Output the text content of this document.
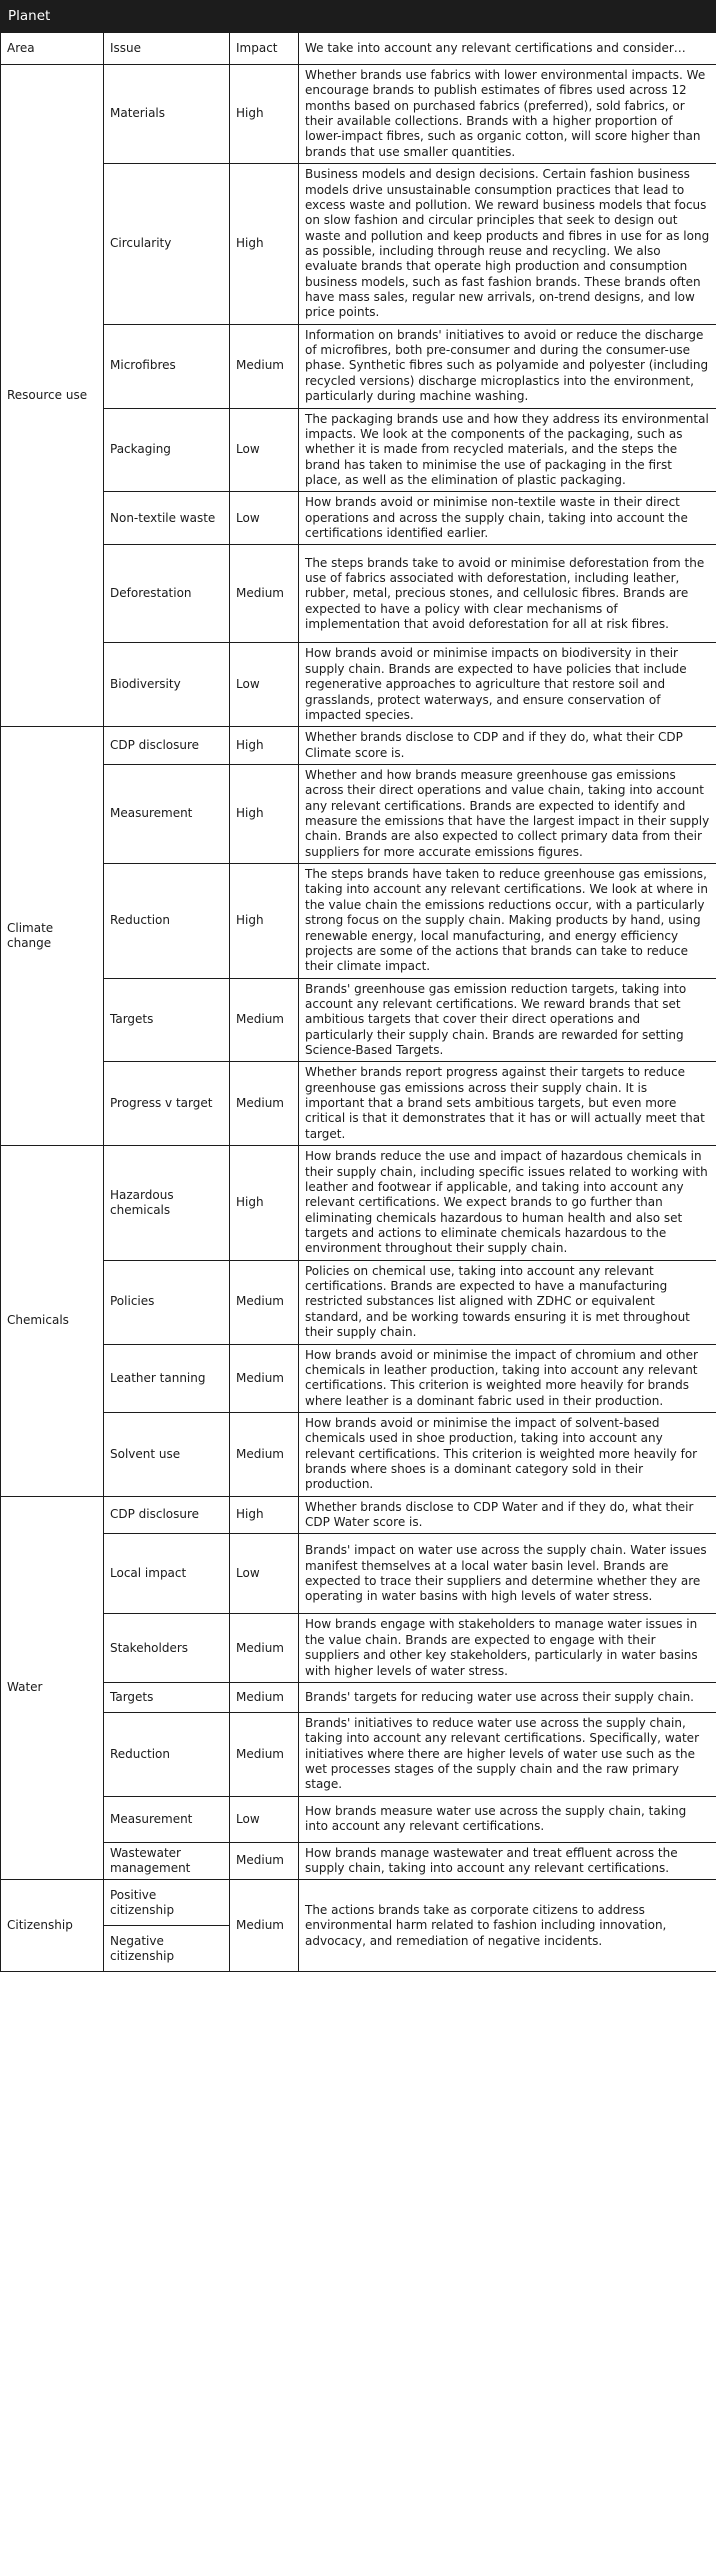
Planet
Area	Issue	Impact	We take into account any relevant certifications and consider…
Resource use	Materials	High	Whether brands use fabrics with lower environmental impacts. We encourage brands to publish estimates of fibres used across 12 months based on purchased fabrics (preferred), sold fabrics, or their available collections. Brands with a higher proportion of lower-impact fibres, such as organic cotton, will score higher than brands that use smaller quantities.
	Circularity	High	Business models and design decisions. Certain fashion business models drive unsustainable consumption practices that lead to excess waste and pollution. We reward business models that focus on slow fashion and circular principles that seek to design out waste and pollution and keep products and fibres in use for as long as possible, including through reuse and recycling. We also evaluate brands that operate high production and consumption business models, such as fast fashion brands. These brands often have mass sales, regular new arrivals, on-trend designs, and low price points.
	Microfibres	Medium	Information on brands' initiatives to avoid or reduce the discharge of microfibres, both pre-consumer and during the consumer-use phase. Synthetic fibres such as polyamide and polyester (including recycled versions) discharge microplastics into the environment, particularly during machine washing.
	Packaging	Low	The packaging brands use and how they address its environmental impacts. We look at the components of the packaging, such as whether it is made from recycled materials, and the steps the brand has taken to minimise the use of packaging in the first place, as well as the elimination of plastic packaging.
	Non-textile waste	Low	How brands avoid or minimise non-textile waste in their direct operations and across the supply chain, taking into account the certifications identified earlier.
	Deforestation	Medium	The steps brands take to avoid or minimise deforestation from the use of fabrics associated with deforestation, including leather, rubber, metal, precious stones, and cellulosic fibres. Brands are expected to have a policy with clear mechanisms of implementation that avoid deforestation for all at risk fibres.
	Biodiversity	Low	How brands avoid or minimise impacts on biodiversity in their supply chain. Brands are expected to have policies that include regenerative approaches to agriculture that restore soil and grasslands, protect waterways, and ensure conservation of impacted species.
Climate change	CDP disclosure	High	Whether brands disclose to CDP and if they do, what their CDP Climate score is.
	Measurement	High	Whether and how brands measure greenhouse gas emissions across their direct operations and value chain, taking into account any relevant certifications. Brands are expected to identify and measure the emissions that have the largest impact in their supply chain. Brands are also expected to collect primary data from their suppliers for more accurate emissions figures.
	Reduction	High	The steps brands have taken to reduce greenhouse gas emissions, taking into account any relevant certifications. We look at where in the value chain the emissions reductions occur, with a particularly strong focus on the supply chain. Making products by hand, using renewable energy, local manufacturing, and energy efficiency projects are some of the actions that brands can take to reduce their climate impact.
	Targets	Medium	Brands' greenhouse gas emission reduction targets, taking into account any relevant certifications. We reward brands that set ambitious targets that cover their direct operations and particularly their supply chain. Brands are rewarded for setting Science-Based Targets.
	Progress v target	Medium	Whether brands report progress against their targets to reduce greenhouse gas emissions across their supply chain. It is important that a brand sets ambitious targets, but even more critical is that it demonstrates that it has or will actually meet that target.
Chemicals	Hazardous chemicals	High	How brands reduce the use and impact of hazardous chemicals in their supply chain, including specific issues related to working with leather and footwear if applicable, and taking into account any relevant certifications. We expect brands to go further than eliminating chemicals hazardous to human health and also set targets and actions to eliminate chemicals hazardous to the environment throughout their supply chain.
	Policies	Medium	Policies on chemical use, taking into account any relevant certifications. Brands are expected to have a manufacturing restricted substances list aligned with ZDHC or equivalent standard, and be working towards ensuring it is met throughout their supply chain.
	Leather tanning	Medium	How brands avoid or minimise the impact of chromium and other chemicals in leather production, taking into account any relevant certifications. This criterion is weighted more heavily for brands where leather is a dominant fabric used in their production.
	Solvent use	Medium	How brands avoid or minimise the impact of solvent-based chemicals used in shoe production, taking into account any relevant certifications. This criterion is weighted more heavily for brands where shoes is a dominant category sold in their production.
Water	CDP disclosure	High	Whether brands disclose to CDP Water and if they do, what their CDP Water score is.
	Local impact	Low	Brands' impact on water use across the supply chain. Water issues manifest themselves at a local water basin level. Brands are expected to trace their suppliers and determine whether they are operating in water basins with high levels of water stress.
	Stakeholders	Medium	How brands engage with stakeholders to manage water issues in the value chain. Brands are expected to engage with their suppliers and other key stakeholders, particularly in water basins with higher levels of water stress.
	Targets	Medium	Brands' targets for reducing water use across their supply chain.
	Reduction	Medium	Brands' initiatives to reduce water use across the supply chain, taking into account any relevant certifications. Specifically, water initiatives where there are higher levels of water use such as the wet processes stages of the supply chain and the raw primary stage.
	Measurement	Low	How brands measure water use across the supply chain, taking into account any relevant certifications.
	Wastewater management	Medium	How brands manage wastewater and treat effluent across the supply chain, taking into account any relevant certifications.
Citizenship	Positive citizenship	Medium	The actions brands take as corporate citizens to address environmental harm related to fashion including innovation, advocacy, and remediation of negative incidents.
	Negative citizenship		
